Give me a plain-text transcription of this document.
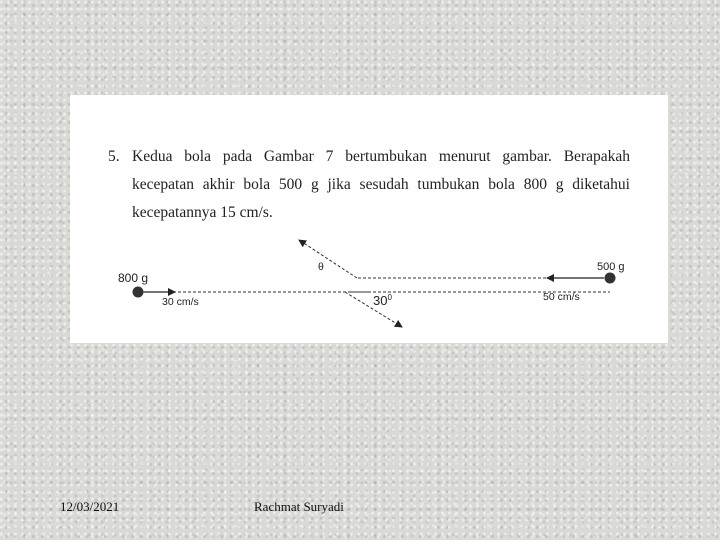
5. Kedua bola pada Gambar 7 bertumbukan menurut gambar. Berapakah kecepatan akhir bola 500 g jika sesudah tumbukan bola 800 g diketahui kecepatannya 15 cm/s.
800 g
500 g
30 cm/s	50 cm/s
θ
$30^0$
12/03/2021	Rachmat Suryadi
